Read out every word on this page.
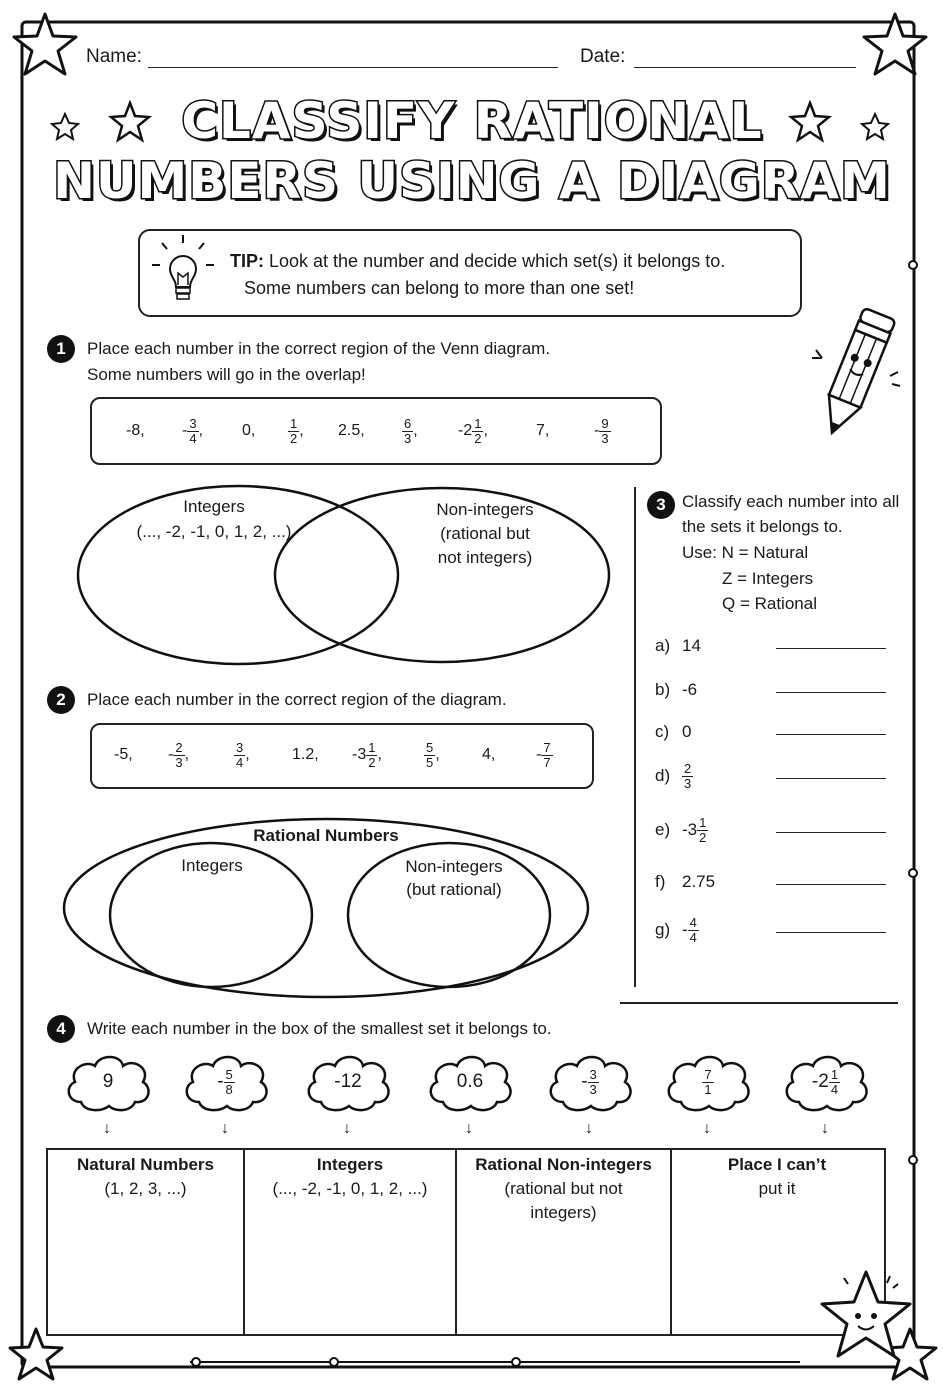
Name:	Date:
CLASSIFY RATIONAL
NUMBERS USING A DIAGRAM
TIP: Look at the number and decide which set(s) it belongs to.
Some numbers can belong to more than one set!
1	Place each number in the correct region of the Venn diagram.
Some numbers will go in the overlap!
-8, - $\frac{3}{4}$ , 0,	$\frac{1}{2}$ , 2.5,	$\frac{6}{3}$ ,	$-2 \frac{1}{2}$ ,	7,	- $\frac{9}{3}$
Integers
(..., -2, -1, 0, 1, 2, ...)
Non-integers
(rational but
not integers)
3 Classify each number into all
the sets it belongs to.
Use: N = Natural
Z = Integers
Q = Rational
a) 14
b) -6
c) 0
$d) \frac{2}{3}$
e) $-3 \frac{1}{2}$
f) 2.75
$g) - \frac{4}{4}$
2	Place each number in the correct region of the diagram.
-5, - $\frac{2}{3}$ ,	$\frac{3}{4}$ ,	1.2, $-3 \frac{1}{2}$ ,	$\frac{5}{5}$ ,	4,	- $\frac{7}{7}$
Rational Numbers
Integers	Non-integers
(but rational)
4	Write each number in the box of the smallest set it belongs to.
9
↓
- $\frac{5}{8}$
↓
-12
↓
0.6
↓
- $\frac{3}{3}$
↓
$\frac{7}{1}$
↓
$-2 \frac{1}{4}$
↓
Natural Numbers
(1, 2, 3, ...)
Integers
(..., -2, -1, 0, 1, 2, ...)
Rational Non-integers
(rational but not
integers)
Place I can’t
put it
